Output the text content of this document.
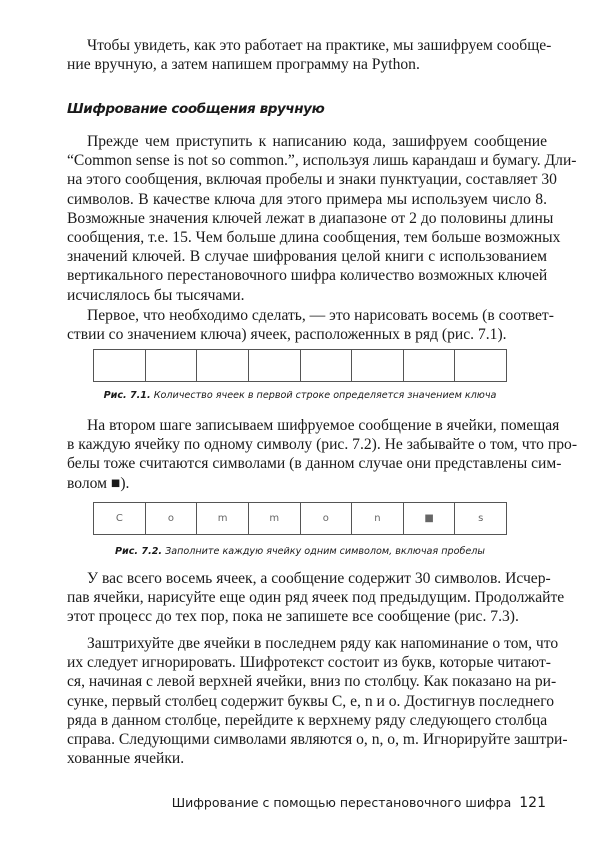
Чтобы увидеть, как это работает на практике, мы зашифруем сообще-
ние вручную, а затем напишем программу на Python.
Шифрование сообщения вручную
Прежде чем приступить к написанию кода, зашифруем сообщение
“Common sense is not so common.”, используя лишь карандаш и бумагу. Дли-
на этого сообщения, включая пробелы и знаки пунктуации, составляет 30
символов. В качестве ключа для этого примера мы используем число 8.
Возможные значения ключей лежат в диапазоне от 2 до половины длины
сообщения, т.е. 15. Чем больше длина сообщения, тем больше возможных
значений ключей. В случае шифрования целой книги с использованием
вертикального перестановочного шифра количество возможных ключей
исчислялось бы тысячами.
Первое, что необходимо сделать, — это нарисовать восемь (в соответ-
ствии со значением ключа) ячеек, расположенных в ряд (рис. 7.1).
Рис. 7.1. Количество ячеек в первой строке определяется значением ключа
На втором шаге записываем шифруемое сообщение в ячейки, помещая
в каждую ячейку по одному символу (рис. 7.2). Не забывайте о том, что про-
белы тоже считаются символами (в данном случае они представлены сим-
волом ■).
C	o	m	m	o	n	■	s
Рис. 7.2. Заполните каждую ячейку одним символом, включая пробелы
У вас всего восемь ячеек, а сообщение содержит 30 символов. Исчер-
пав ячейки, нарисуйте еще один ряд ячеек под предыдущим. Продолжайте
этот процесс до тех пор, пока не запишете все сообщение (рис. 7.3).
Заштрихуйте две ячейки в последнем ряду как напоминание о том, что
их следует игнорировать. Шифротекст состоит из букв, которые читают-
ся, начиная с левой верхней ячейки, вниз по столбцу. Как показано на ри-
сунке, первый столбец содержит буквы C, e, n и o. Достигнув последнего
ряда в данном столбце, перейдите к верхнему ряду следующего столбца
справа. Следующими символами являются o, n, o, m. Игнорируйте заштри-
хованные ячейки.
Шифрование с помощью перестановочного шифра 121
